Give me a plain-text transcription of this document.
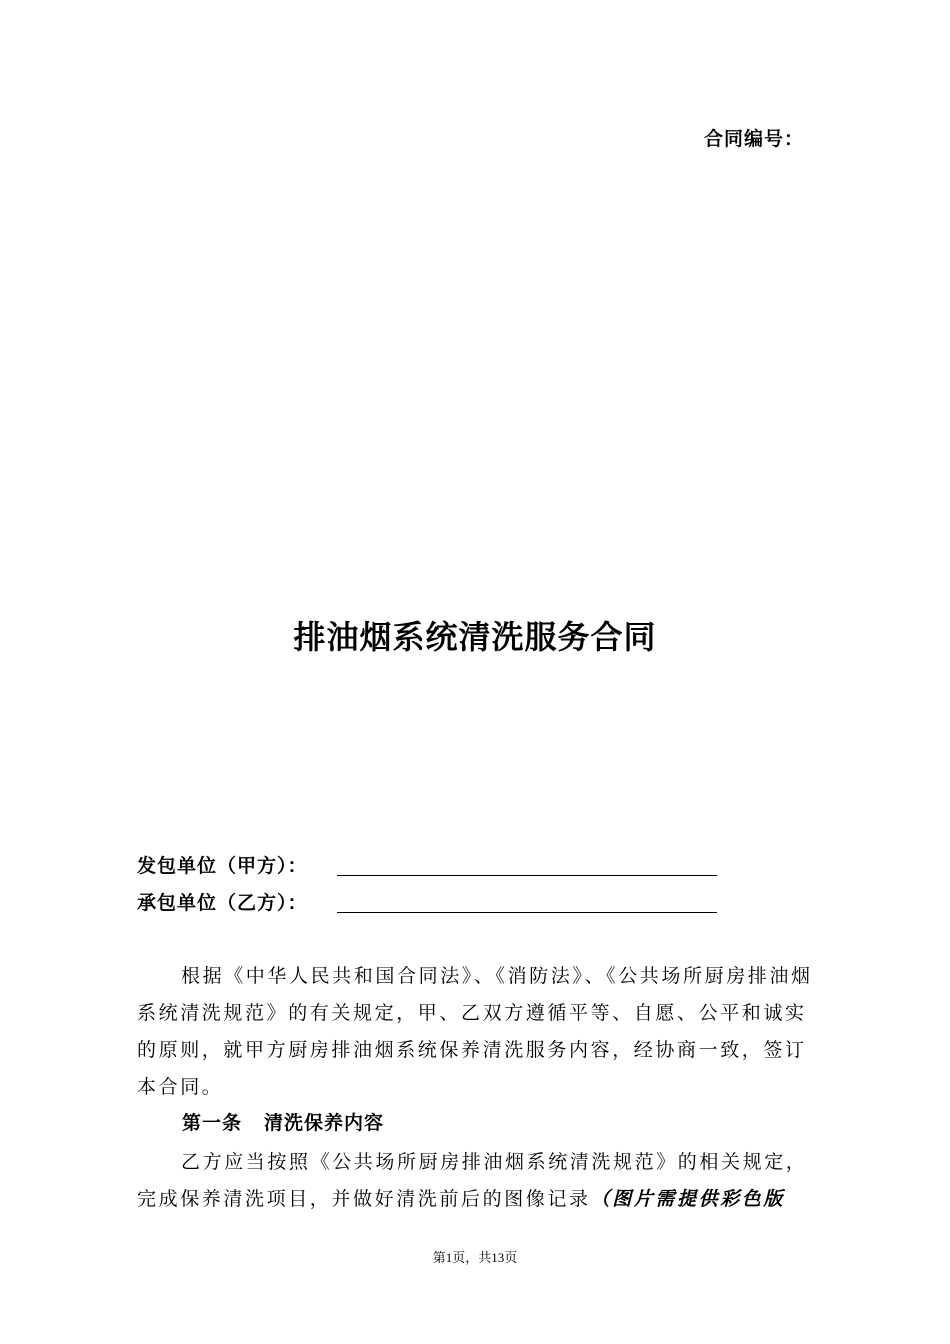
合同编号：
排油烟系统清洗服务合同
发包单位（甲方）：
承包单位（乙方）：
根据《中华人民共和国合同法》、《消防法》、《公共场所厨房排油烟系统清洗规范》的有关规定，甲、乙双方遵循平等、自愿、公平和诚实的原则，就甲方厨房排油烟系统保养清洗服务内容，经协商一致，签订本合同。
第一条 清洗保养内容
乙方应当按照《公共场所厨房排油烟系统清洗规范》的相关规定，完成保养清洗项目，并做好清洗前后的图像记录（图片需提供彩色版
第1页，共13页
